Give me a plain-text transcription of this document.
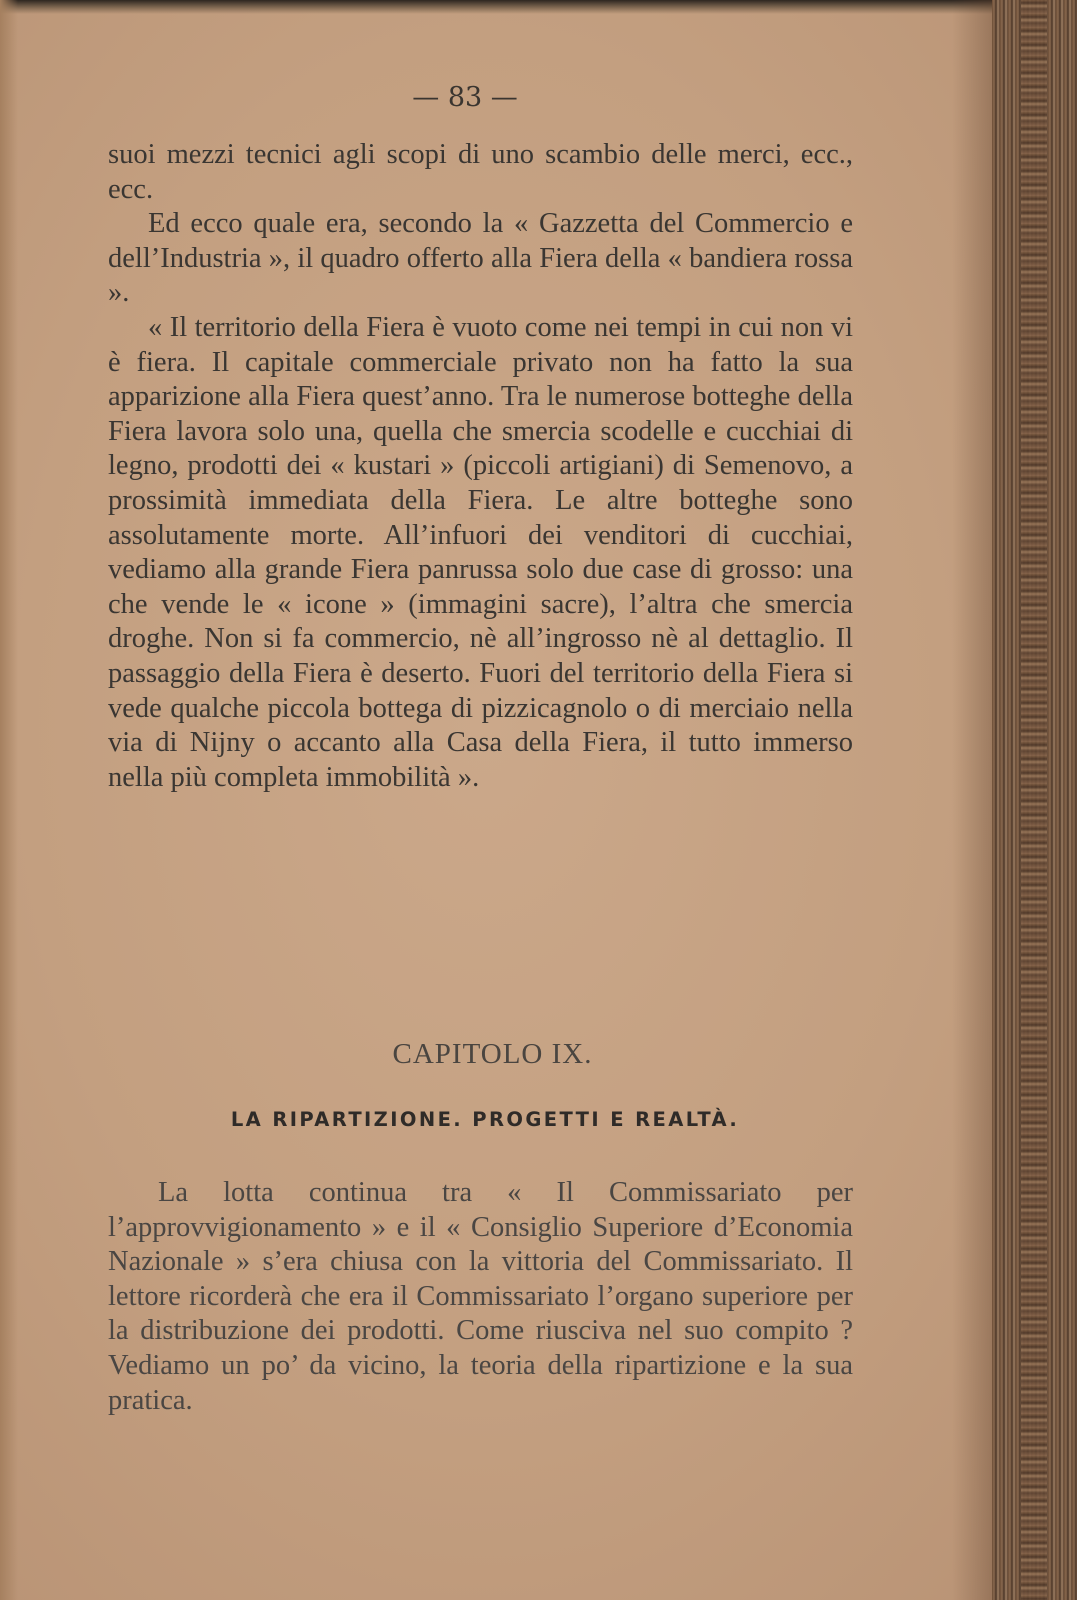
— 83 —

suoi mezzi tecnici agli scopi di uno scambio delle merci, ecc., ecc.

Ed ecco quale era, secondo la « Gazzetta del Commercio e dell’Industria », il quadro offerto alla Fiera della « bandiera rossa ».

« Il territorio della Fiera è vuoto come nei tempi in cui non vi è fiera. Il capitale commerciale privato non ha fatto la sua apparizione alla Fiera quest’anno. Tra le numerose botteghe della Fiera lavora solo una, quella che smercia scodelle e cucchiai di legno, prodotti dei « kustari » (piccoli artigiani) di Semenovo, a prossimità immediata della Fiera. Le altre botteghe sono assolutamente morte. All’infuori dei venditori di cucchiai, vediamo alla grande Fiera panrussa solo due case di grosso: una che vende le « icone » (immagini sacre), l’altra che smercia droghe. Non si fa commercio, nè all’ingrosso nè al dettaglio. Il passaggio della Fiera è deserto. Fuori del territorio della Fiera si vede qualche piccola bottega di pizzicagnolo o di merciaio nella via di Nijny o accanto alla Casa della Fiera, il tutto immerso nella più completa immobilità ».

CAPITOLO IX.
LA RIPARTIZIONE. PROGETTI E REALTÀ.

La lotta continua tra « Il Commissariato per l’approvvigionamento » e il « Consiglio Superiore d’Economia Nazionale » s’era chiusa con la vittoria del Commissariato. Il lettore ricorderà che era il Commissariato l’organo superiore per la distribuzione dei prodotti. Come riusciva nel suo compito ? Vediamo un po’ da vicino, la teoria della ripartizione e la sua pratica.
